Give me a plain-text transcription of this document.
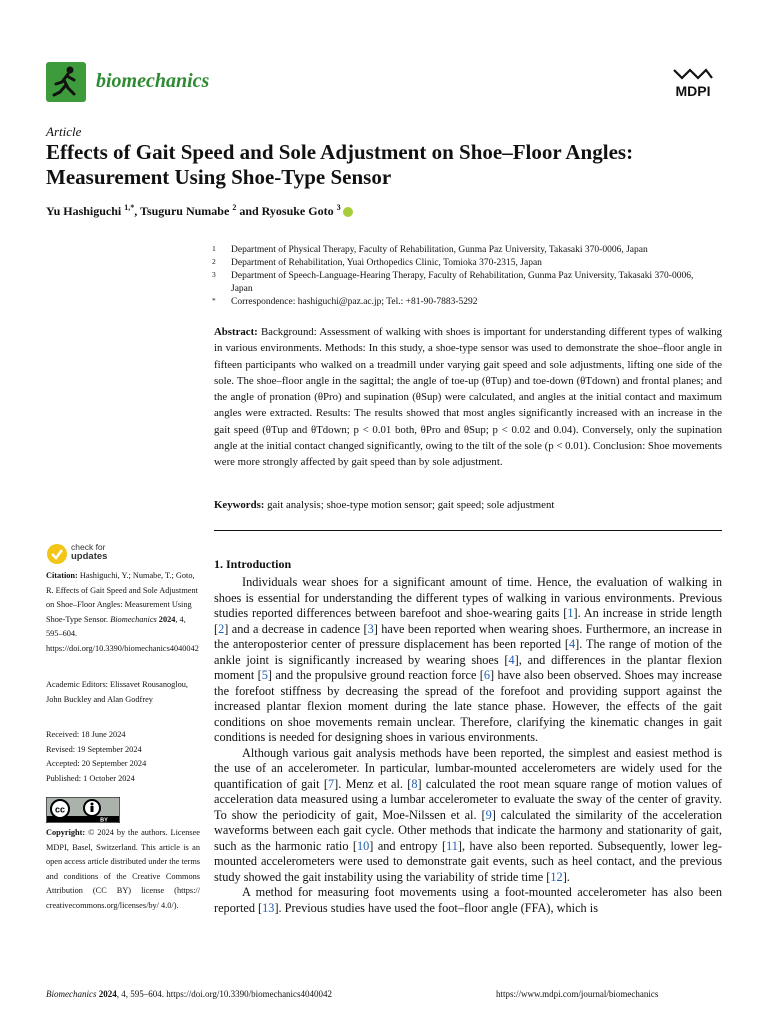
biomechanics	MDPI
Article
Effects of Gait Speed and Sole Adjustment on Shoe–Floor Angles: Measurement Using Shoe-Type Sensor
Yu Hashiguchi $^{1,*}$, Tsuguru Numabe $^2$ and Ryosuke Goto $^3$
1 Department of Physical Therapy, Faculty of Rehabilitation, Gunma Paz University, Takasaki 370-0006, Japan
2 Department of Rehabilitation, Yuai Orthopedics Clinic, Tomioka 370-2315, Japan
3 Department of Speech-Language-Hearing Therapy, Faculty of Rehabilitation, Gunma Paz University, Takasaki 370-0006, Japan
* Correspondence: hashiguchi@paz.ac.jp; Tel.: +81-90-7883-5292
Abstract: Background: Assessment of walking with shoes is important for understanding different types of walking in various environments. Methods: In this study, a shoe-type sensor was used to demonstrate the shoe–floor angle in fifteen participants who walked on a treadmill under varying gait speed and sole adjustments, lifting one side of the sole. The shoe–floor angle in the sagittal; the angle of toe-up (θTup) and toe-down (θTdown) and frontal planes; and the angle of pronation (θPro) and supination (θSup) were calculated, and angles at the initial contact and maximum angles were extracted. Results: The results showed that most angles significantly increased with an increase in the gait speed (θTup and θTdown; p < 0.01 both, θPro and θSup; p < 0.02 and 0.04). Conversely, only the supination angle at the initial contact changed significantly, owing to the tilt of the sole (p < 0.01). Conclusion: Shoe movements were more strongly affected by gait speed than by sole adjustment.
Keywords: gait analysis; shoe-type motion sensor; gait speed; sole adjustment
check for
updates
Citation: Hashiguchi, Y.; Numabe, T.; Goto, R. Effects of Gait Speed and Sole Adjustment on Shoe–Floor Angles: Measurement Using Shoe-Type Sensor. Biomechanics 2024, 4, 595–604. https://doi.org/10.3390/biomechanics4040042
Academic Editors: Elissavet Rousanoglou, John Buckley and Alan Godfrey
Received: 18 June 2024
Revised: 19 September 2024
Accepted: 20 September 2024
Published: 1 October 2024
cc
BY
Copyright: © 2024 by the authors. Licensee MDPI, Basel, Switzerland. This article is an open access article distributed under the terms and conditions of the Creative Commons Attribution (CC BY) license (https:// creativecommons.org/licenses/by/ 4.0/).
1. Introduction

Individuals wear shoes for a significant amount of time. Hence, the evaluation of walking in shoes is essential for understanding the different types of walking in various environments. Previous studies reported differences between barefoot and shoe-wearing gaits [1]. An increase in stride length [2] and a decrease in cadence [3] have been reported when wearing shoes. Furthermore, an increase in the anteroposterior center of pressure displacement has been reported [4]. The range of motion of the ankle joint is significantly increased by wearing shoes [4], and differences in the plantar flexion moment [5] and the propulsive ground reaction force [6] have also been observed. Shoes may increase the forefoot stiffness by decreasing the spread of the forefoot and providing support against the increased plantar flexion moment during the late stance phase. However, the effects of the gait conditions on shoe movements remain unclear. Therefore, clarifying the kinematic changes in gait conditions is needed for designing shoes in various environments.

Although various gait analysis methods have been reported, the simplest and easiest method is the use of an accelerometer. In particular, lumbar-mounted accelerometers are widely used for the quantification of gait [7]. Menz et al. [8] calculated the root mean square range of motion values of acceleration data measured using a lumbar accelerometer to evaluate the sway of the center of gravity. To show the periodicity of gait, Moe-Nilssen et al. [9] calculated the similarity of the acceleration waveforms between each gait cycle. Other methods that indicate the harmony and stationarity of gait, such as the harmonic ratio [10] and entropy [11], have also been reported. Subsequently, lower leg-mounted accelerometers were used to demonstrate gait events, such as heel contact, and the previous study showed the gait instability using the variability of stride time [12].

A method for measuring foot movements using a foot-mounted accelerometer has also been reported [13]. Previous studies have used the foot–floor angle (FFA), which is

Biomechanics 2024, 4, 595–604. https://doi.org/10.3390/biomechanics4040042	https://www.mdpi.com/journal/biomechanics
